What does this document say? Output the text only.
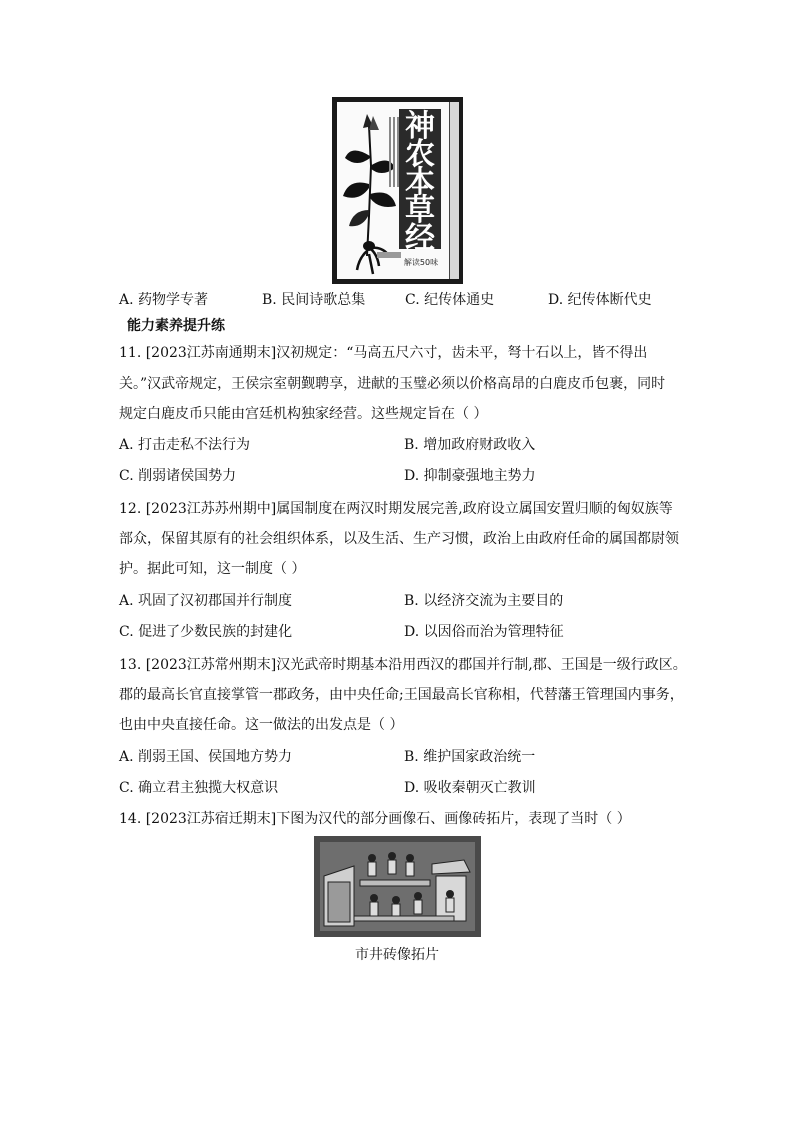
神
农
本
草
经
解读50味
A. 药物学专著	B. 民间诗歌总集	C. 纪传体通史	D. 纪传体断代史
能力素养提升练
11. [2023江苏南通期末]汉初规定：“马高五尺六寸，齿未平，弩十石以上，皆不得出
关。”汉武帝规定，王侯宗室朝觐聘享，进献的玉璧必须以价格高昂的白鹿皮币包裹，同时
规定白鹿皮币只能由宫廷机构独家经营。这些规定旨在（ ）
A. 打击走私不法行为	B. 增加政府财政收入
C. 削弱诸侯国势力	D. 抑制豪强地主势力
12. [2023江苏苏州期中]属国制度在两汉时期发展完善,政府设立属国安置归顺的匈奴族等
部众，保留其原有的社会组织体系，以及生活、生产习惯，政治上由政府任命的属国都尉领
护。据此可知，这一制度（ ）
A. 巩固了汉初郡国并行制度	B. 以经济交流为主要目的
C. 促进了少数民族的封建化	D. 以因俗而治为管理特征
13. [2023江苏常州期末]汉光武帝时期基本沿用西汉的郡国并行制,郡、王国是一级行政区。
郡的最高长官直接掌管一郡政务，由中央任命;王国最高长官称相，代替藩王管理国内事务，
也由中央直接任命。这一做法的出发点是（ ）
A. 削弱王国、侯国地方势力	B. 维护国家政治统一
C. 确立君主独揽大权意识	D. 吸收秦朝灭亡教训
14. [2023江苏宿迁期末]下图为汉代的部分画像石、画像砖拓片，表现了当时（ ）
市井砖像拓片
